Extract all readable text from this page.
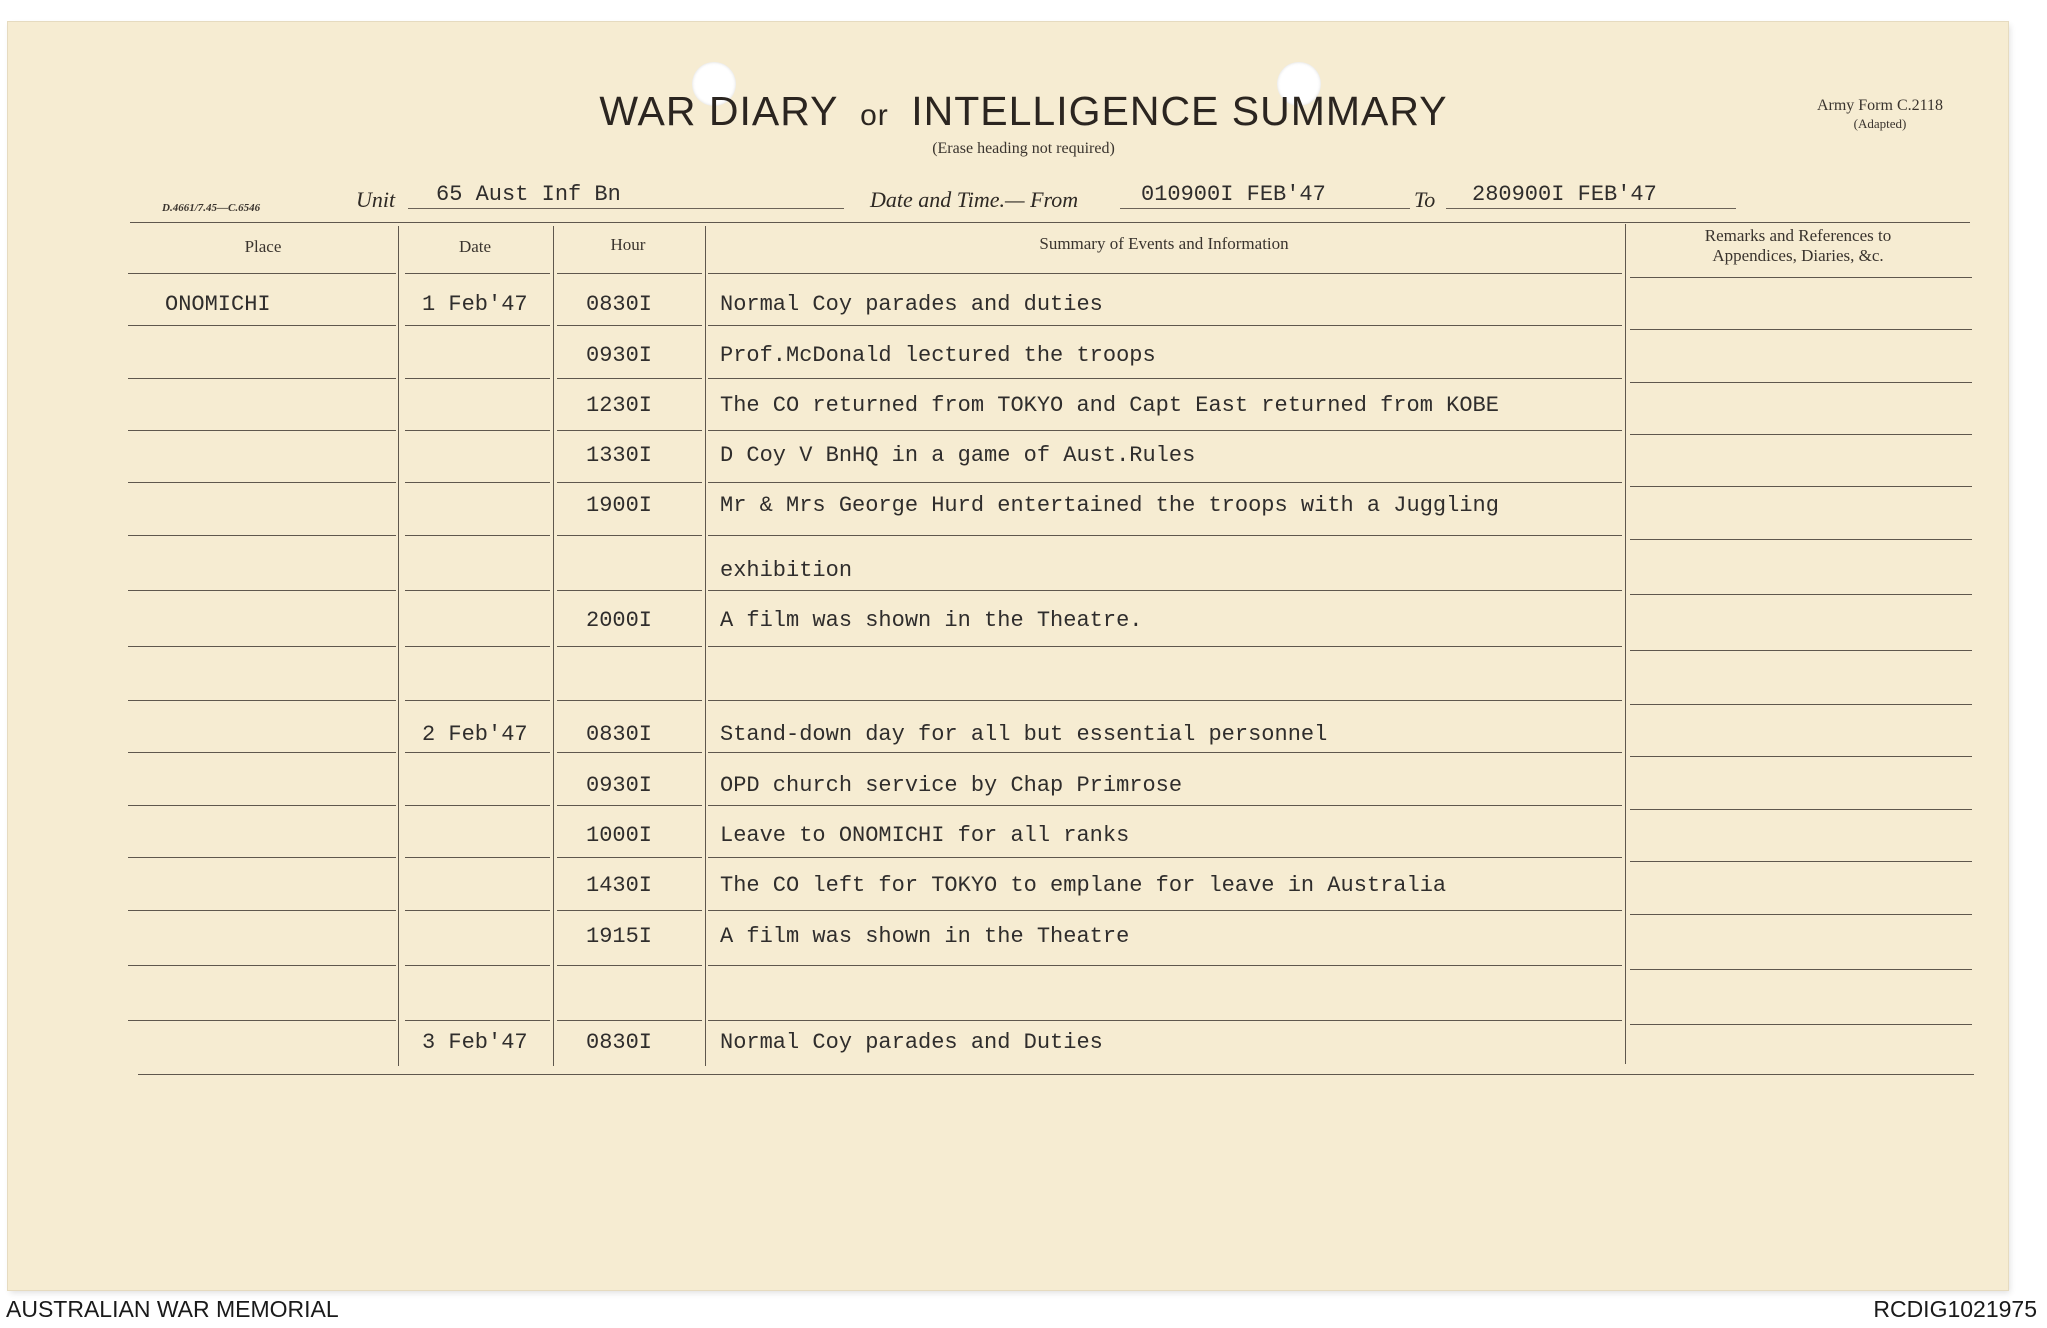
WAR DIARY or INTELLIGENCE SUMMARY
(Erase heading not required)
Army Form C.2118
(Adapted)
D.4661/7.45—C.6546	Unit 65 Aust Inf Bn	Date and Time.— From	010900I FEB'47	To 280900I FEB'47
Place	Date	Hour	Summary of Events and Information	Remarks and References to
Appendices, Diaries, &c.
ONOMICHI	1 Feb'47	0830I	Normal Coy parades and duties
0930I	Prof.McDonald lectured the troops
1230I	The CO returned from TOKYO and Capt East returned from KOBE
1330I	D Coy V BnHQ in a game of Aust.Rules
1900I	Mr & Mrs George Hurd entertained the troops with a Juggling
exhibition
2000I	A film was shown in the Theatre.
2 Feb'47	0830I	Stand-down day for all but essential personnel
0930I	OPD church service by Chap Primrose
1000I	Leave to ONOMICHI for all ranks
1430I	The CO left for TOKYO to emplane for leave in Australia
1915I	A film was shown in the Theatre
3 Feb'47	0830I	Normal Coy parades and Duties
AUSTRALIAN WAR MEMORIAL	RCDIG1021975
